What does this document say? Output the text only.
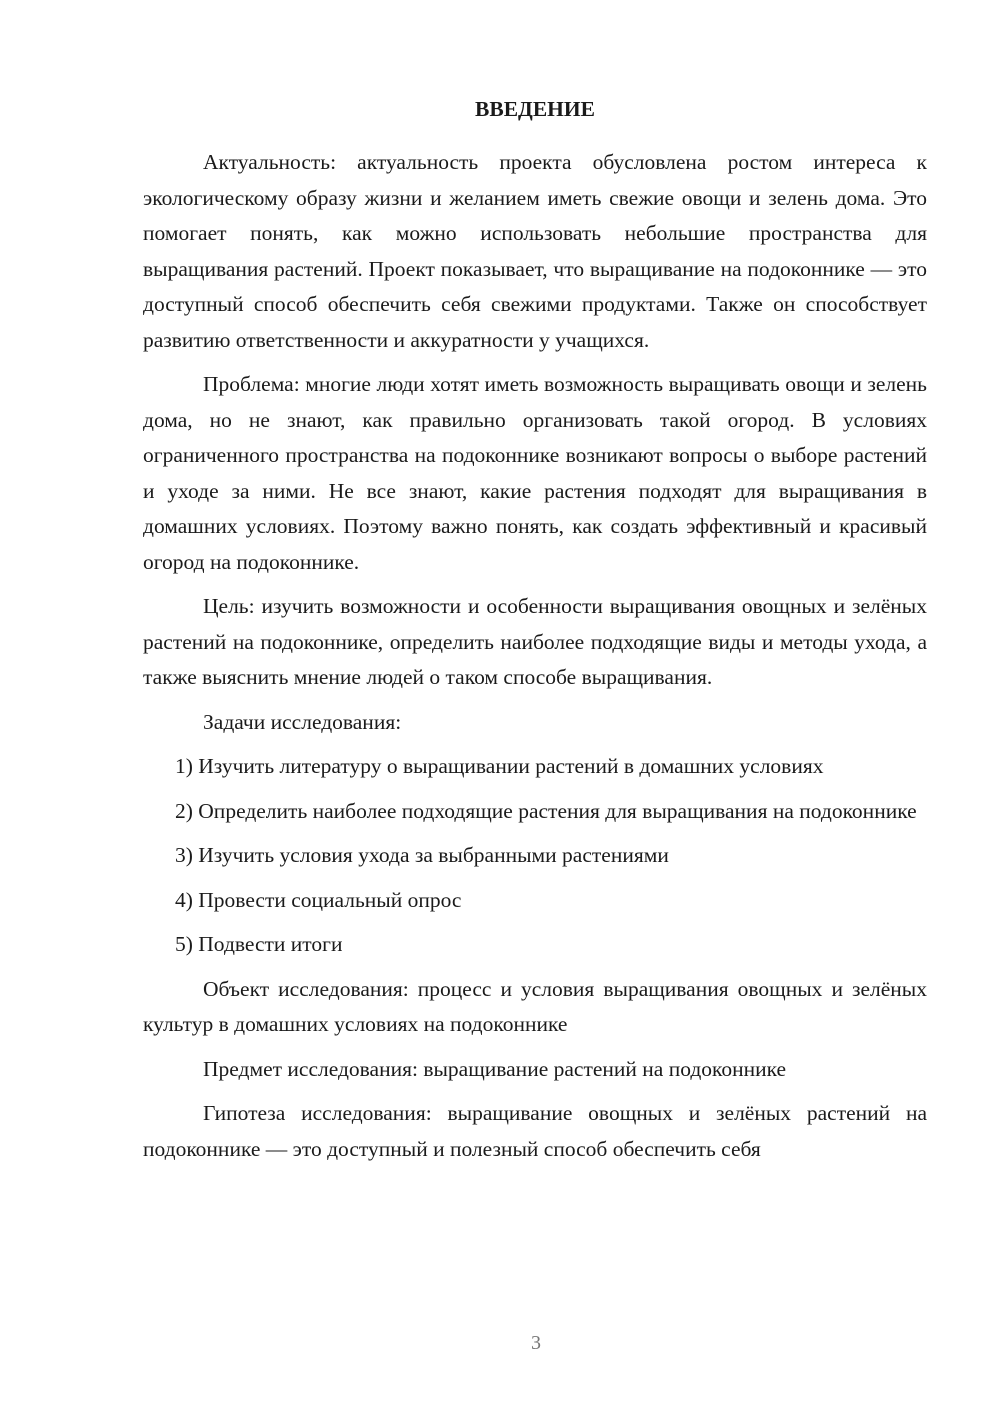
ВВЕДЕНИЕ

Актуальность: актуальность проекта обусловлена ростом интереса к экологическому образу жизни и желанием иметь свежие овощи и зелень дома. Это помогает понять, как можно использовать небольшие пространства для выращивания растений. Проект показывает, что выращивание на подоконнике — это доступный способ обеспечить себя свежими продуктами. Также он способствует развитию ответственности и аккуратности у учащихся.

Проблема: многие люди хотят иметь возможность выращивать овощи и зелень дома, но не знают, как правильно организовать такой огород. В условиях ограниченного пространства на подоконнике возникают вопросы о выборе растений и уходе за ними. Не все знают, какие растения подходят для выращивания в домашних условиях. Поэтому важно понять, как создать эффективный и красивый огород на подоконнике.

Цель: изучить возможности и особенности выращивания овощных и зелёных растений на подоконнике, определить наиболее подходящие виды и методы ухода, а также выяснить мнение людей о таком способе выращивания.

Задачи исследования:

1) Изучить литературу о выращивании растений в домашних условиях

2) Определить наиболее подходящие растения для выращивания на подоконнике

3) Изучить условия ухода за выбранными растениями

4) Провести социальный опрос

5) Подвести итоги

Объект исследования: процесс и условия выращивания овощных и зелёных культур в домашних условиях на подоконнике

Предмет исследования: выращивание растений на подоконнике

Гипотеза исследования: выращивание овощных и зелёных растений на подоконнике — это доступный и полезный способ обеспечить себя

3
